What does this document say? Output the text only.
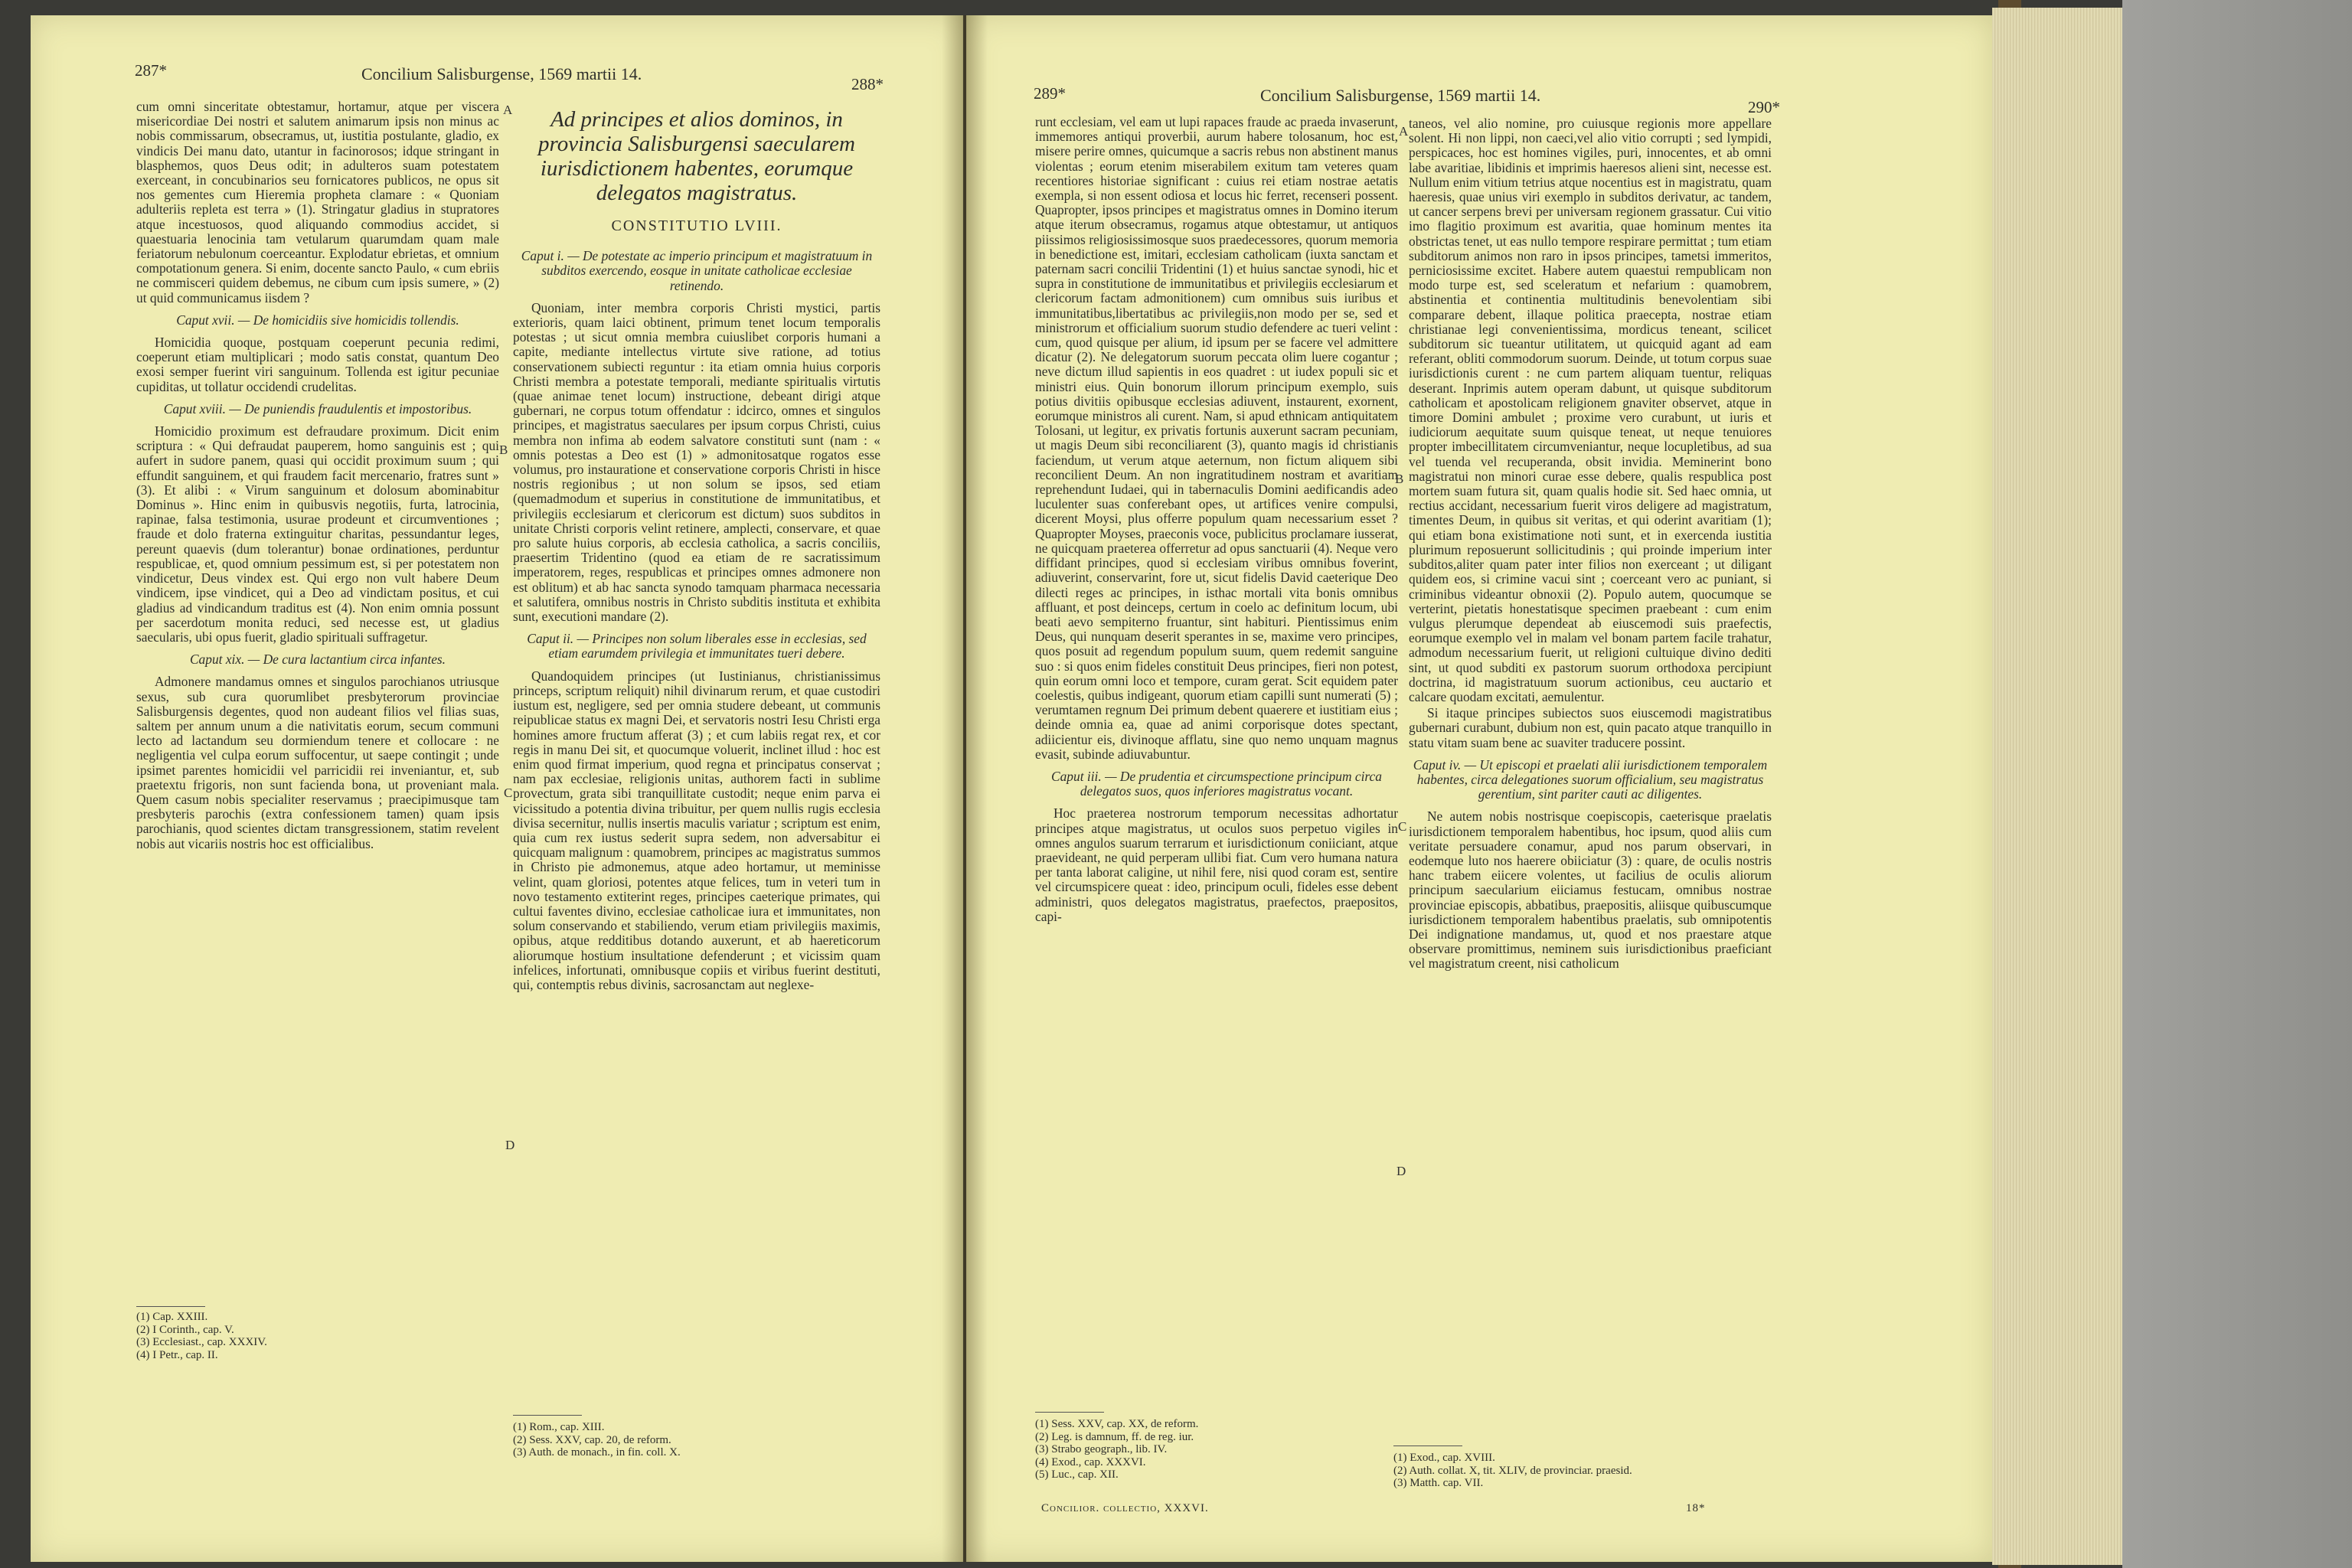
287*	Concilium Salisburgense, 1569 martii 14.
288*	289*	Concilium Salisburgense, 1569 martii 14.
290*

cum omni sinceritate obtestamur, hortamur, atque per viscera misericordiae Dei nostri et salutem animarum ipsis non minus ac nobis commissarum, obsecramus, ut, iustitia postulante, gladio, ex vindicis Dei manu dato, utantur in facinorosos; idque stringant in blasphemos, quos Deus odit; in adulteros suam potestatem exerceant, in concubinarios seu fornicatores publicos, ne opus sit nos gementes cum Hieremia propheta clamare : « Quoniam adulteriis repleta est terra » (1). Stringatur gladius in stupratores atque incestuosos, quod aliquando commodius accidet, si quaestuaria lenocinia tam vetularum quarumdam quam male feriatorum nebulonum coerceantur. Explodatur ebrietas, et omnium compotationum genera. Si enim, docente sancto Paulo, « cum ebriis ne commisceri quidem debemus, ne cibum cum ipsis sumere, » (2) ut quid communicamus iisdem ?

Caput xvii. — De homicidiis sive homicidis tollendis.

Homicidia quoque, postquam coeperunt pecunia redimi, coeperunt etiam multiplicari ; modo satis constat, quantum Deo exosi semper fuerint viri sanguinum. Tollenda est igitur pecuniae cupiditas, ut tollatur occidendi crudelitas.

Caput xviii. — De puniendis fraudulentis et impostoribus.

Homicidio proximum est defraudare proximum. Dicit enim scriptura : « Qui defraudat pauperem, homo sanguinis est ; qui aufert in sudore panem, quasi qui occidit proximum suum ; qui effundit sanguinem, et qui fraudem facit mercenario, fratres sunt » (3). Et alibi : « Virum sanguinum et dolosum abominabitur Dominus ». Hinc enim in quibusvis negotiis, furta, latrocinia, rapinae, falsa testimonia, usurae prodeunt et circumventiones ; fraude et dolo fraterna extinguitur charitas, pessundantur leges, pereunt quaevis (dum tolerantur) bonae ordinationes, perduntur respublicae, et, quod omnium pessimum est, si per potestatem non vindicetur, Deus vindex est. Qui ergo non vult habere Deum vindicem, ipse vindicet, qui a Deo ad vindictam positus, et cui gladius ad vindicandum traditus est (4). Non enim omnia possunt per sacerdotum monita reduci, sed necesse est, ut gladius saecularis, ubi opus fuerit, gladio spirituali suffragetur.

Caput xix. — De cura lactantium circa infantes.

Admonere mandamus omnes et singulos parochianos utriusque sexus, sub cura quorumlibet presbyterorum provinciae Salisburgensis degentes, quod non audeant filios vel filias suas, saltem per annum unum a die nativitatis eorum, secum communi lecto ad lactandum seu dormiendum tenere et collocare : ne negligentia vel culpa eorum suffocentur, ut saepe contingit ; unde ipsimet parentes homicidii vel parricidii rei inveniantur, et, sub praetextu frigoris, non sunt facienda bona, ut proveniant mala. Quem casum nobis specialiter reservamus ; praecipimusque tam presbyteris parochis (extra confessionem tamen) quam ipsis parochianis, quod scientes dictam transgressionem, statim revelent nobis aut vicariis nostris hoc est officialibus.

(1) Cap. XXIII.
(2) I Corinth., cap. V.
(3) Ecclesiast., cap. XXXIV.
(4) I Petr., cap. II.
Ad principes et alios dominos, in provincia Salisburgensi saecularem iurisdictionem habentes, eorumque delegatos magistratus.
CONSTITUTIO LVIII.
Caput i. — De potestate ac imperio principum et magistratuum in subditos exercendo, eosque in unitate catholicae ecclesiae retinendo.

Quoniam, inter membra corporis Christi mystici, partis exterioris, quam laici obtinent, primum tenet locum temporalis potestas ; ut sicut omnia membra cuiuslibet corporis humani a capite, mediante intellectus virtute sive ratione, ad totius conservationem subiecti reguntur : ita etiam omnia huius corporis Christi membra a potestate temporali, mediante spiritualis virtutis (quae animae tenet locum) instructione, debeant dirigi atque gubernari, ne corpus totum offendatur : idcirco, omnes et singulos principes, et magistratus saeculares per ipsum corpus Christi, cuius membra non infima ab eodem salvatore constituti sunt (nam : « omnis potestas a Deo est (1) » admonitosatque rogatos esse volumus, pro instauratione et conservatione corporis Christi in hisce nostris regionibus ; ut non solum se ipsos, sed etiam (quemadmodum et superius in constitutione de immunitatibus, et privilegiis ecclesiarum et clericorum est dictum) suos subditos in unitate Christi corporis velint retinere, amplecti, conservare, et quae pro salute huius corporis, ab ecclesia catholica, a sacris conciliis, praesertim Tridentino (quod ea etiam de re sacratissimum imperatorem, reges, respublicas et principes omnes admonere non est oblitum) et ab hac sancta synodo tamquam pharmaca necessaria et salutifera, omnibus nostris in Christo subditis instituta et exhibita sunt, executioni mandare (2).

Caput ii. — Principes non solum liberales esse in ecclesias, sed etiam earumdem privilegia et immunitates tueri debere.

Quandoquidem principes (ut Iustinianus, christianissimus princeps, scriptum reliquit) nihil divinarum rerum, et quae custodiri iustum est, negligere, sed per omnia studere debeant, ut communis reipublicae status ex magni Dei, et servatoris nostri Iesu Christi erga homines amore fructum afferat (3) ; et cum labiis regat rex, et cor regis in manu Dei sit, et quocumque voluerit, inclinet illud : hoc est enim quod firmat imperium, quod regna et principatus conservat ; nam pax ecclesiae, religionis unitas, authorem facti in sublime provectum, grata sibi tranquillitate custodit; neque enim parva ei vicissitudo a potentia divina tribuitur, per quem nullis rugis ecclesia divisa secernitur, nullis insertis maculis variatur ; scriptum est enim, quia cum rex iustus sederit supra sedem, non adversabitur ei quicquam malignum : quamobrem, principes ac magistratus summos in Christo pie admonemus, atque adeo hortamur, ut meminisse velint, quam gloriosi, potentes atque felices, tum in veteri tum in novo testamento extiterint reges, principes caeterique primates, qui cultui faventes divino, ecclesiae catholicae iura et immunitates, non solum conservando et stabiliendo, verum etiam privilegiis maximis, opibus, atque redditibus dotando auxerunt, et ab haereticorum aliorumque hostium insultatione defenderunt ; et vicissim quam infelices, infortunati, omnibusque copiis et viribus fuerint destituti, qui, contemptis rebus divinis, sacrosanctam aut neglexe-

(1) Rom., cap. XIII.
(2) Sess. XXV, cap. 20, de reform.
(3) Auth. de monach., in fin. coll. X.
A
B
C
D

runt ecclesiam, vel eam ut lupi rapaces fraude ac praeda invaserunt, immemores antiqui proverbii, aurum habere tolosanum, hoc est, misere perire omnes, quicumque a sacris rebus non abstinent manus violentas ; eorum etenim miserabilem exitum tam veteres quam recentiores historiae significant : cuius rei etiam nostrae aetatis exempla, si non essent odiosa et locus hic ferret, recenseri possent. Quapropter, ipsos principes et magistratus omnes in Domino iterum atque iterum obsecramus, rogamus atque obtestamur, ut antiquos piissimos religiosissimosque suos praedecessores, quorum memoria in benedictione est, imitari, ecclesiam catholicam (iuxta sanctam et paternam sacri concilii Tridentini (1) et huius sanctae synodi, hic et supra in constitutione de immunitatibus et privilegiis ecclesiarum et clericorum factam admonitionem) cum omnibus suis iuribus et immunitatibus,libertatibus ac privilegiis,non modo per se, sed et ministrorum et officialium suorum studio defendere ac tueri velint : cum, quod quisque per alium, id ipsum per se facere vel admittere dicatur (2). Ne delegatorum suorum peccata olim luere cogantur ; neve dictum illud sapientis in eos quadret : ut iudex populi sic et ministri eius. Quin bonorum illorum principum exemplo, suis potius divitiis opibusque ecclesias adiuvent, instaurent, exornent, eorumque ministros ali curent. Nam, si apud ethnicam antiquitatem Tolosani, ut legitur, ex privatis fortunis auxerunt sacram pecuniam, ut magis Deum sibi reconciliarent (3), quanto magis id christianis faciendum, ut verum atque aeternum, non fictum aliquem sibi reconcilient Deum. An non ingratitudinem nostram et avaritiam reprehendunt Iudaei, qui in tabernaculis Domini aedificandis adeo luculenter suas conferebant opes, ut artifices venire compulsi, dicerent Moysi, plus offerre populum quam necessarium esset ? Quapropter Moyses, praeconis voce, publicitus proclamare iusserat, ne quicquam praeterea offerretur ad opus sanctuarii (4). Neque vero diffidant principes, quod si ecclesiam viribus omnibus foverint, adiuverint, conservarint, fore ut, sicut fidelis David caeterique Deo dilecti reges ac principes, in isthac mortali vita bonis omnibus affluant, et post deinceps, certum in coelo ac definitum locum, ubi beati aevo sempiterno fruantur, sint habituri. Pientissimus enim Deus, qui nunquam deserit sperantes in se, maxime vero principes, quos posuit ad regendum populum suum, quem redemit sanguine suo : si quos enim fideles constituit Deus principes, fieri non potest, quin eorum omni loco et tempore, curam gerat. Scit equidem pater coelestis, quibus indigeant, quorum etiam capilli sunt numerati (5) ; verumtamen regnum Dei primum debent quaerere et iustitiam eius ; deinde omnia ea, quae ad animi corporisque dotes spectant, adiicientur eis, divinoque afflatu, sine quo nemo unquam magnus evasit, subinde adiuvabuntur.

Caput iii. — De prudentia et circumspectione principum circa delegatos suos, quos inferiores magistratus vocant.

Hoc praeterea nostrorum temporum necessitas adhortatur principes atque magistratus, ut oculos suos perpetuo vigiles in omnes angulos suarum terrarum et iurisdictionum coniiciant, atque praevideant, ne quid perperam ullibi fiat. Cum vero humana natura per tanta laborat caligine, ut nihil fere, nisi quod coram est, sentire vel circumspicere queat : ideo, principum oculi, fideles esse debent administri, quos delegatos magistratus, praefectos, praepositos, capi-

(1) Sess. XXV, cap. XX, de reform.
(2) Leg. is damnum, ff. de reg. iur.
(3) Strabo geograph., lib. IV.
(4) Exod., cap. XXXVI.
(5) Luc., cap. XII.
Concilior. collectio, XXXVI.

taneos, vel alio nomine, pro cuiusque regionis more appellare solent. Hi non lippi, non caeci,vel alio vitio corrupti ; sed lympidi, perspicaces, hoc est homines vigiles, puri, innocentes, et ab omni labe avaritiae, libidinis et imprimis haeresos alieni sint, necesse est. Nullum enim vitium tetrius atque nocentius est in magistratu, quam haeresis, quae unius viri exemplo in subditos derivatur, ac tandem, ut cancer serpens brevi per universam regionem grassatur. Cui vitio imo flagitio proximum est avaritia, quae hominum mentes ita obstrictas tenet, ut eas nullo tempore respirare permittat ; tum etiam subditorum animos non raro in ipsos principes, tametsi immeritos, perniciosissime excitet. Habere autem quaestui rempublicam non modo turpe est, sed sceleratum et nefarium : quamobrem, abstinentia et continentia multitudinis benevolentiam sibi comparare debent, illaque politica praecepta, nostrae etiam christianae legi convenientissima, mordicus teneant, scilicet subditorum sic tueantur utilitatem, ut quicquid agant ad eam referant, obliti commodorum suorum. Deinde, ut totum corpus suae iurisdictionis curent : ne cum partem aliquam tuentur, reliquas deserant. Inprimis autem operam dabunt, ut quisque subditorum catholicam et apostolicam religionem gnaviter observet, atque in timore Domini ambulet ; proxime vero curabunt, ut iuris et iudiciorum aequitate suum quisque teneat, ut neque tenuiores propter imbecillitatem circumveniantur, neque locupletibus, ad sua vel tuenda vel recuperanda, obsit invidia. Meminerint bono magistratui non minori curae esse debere, qualis respublica post mortem suam futura sit, quam qualis hodie sit. Sed haec omnia, ut rectius accidant, necessarium fuerit viros deligere ad magistratum, timentes Deum, in quibus sit veritas, et qui oderint avaritiam (1); qui etiam bona existimatione noti sunt, et in exercenda iustitia plurimum reposuerunt sollicitudinis ; qui proinde imperium inter subditos,aliter quam pater inter filios non exerceant ; ut diligant quidem eos, si crimine vacui sint ; coerceant vero ac puniant, si criminibus videantur obnoxii (2). Populo autem, quocumque se verterint, pietatis honestatisque specimen praebeant : cum enim vulgus plerumque dependeat ab eiuscemodi suis praefectis, eorumque exemplo vel in malam vel bonam partem facile trahatur, admodum necessarium fuerit, ut religioni cultuique divino dediti sint, ut quod subditi ex pastorum suorum orthodoxa percipiunt doctrina, id magistratuum suorum actionibus, ceu auctario et calcare quodam excitati, aemulentur.

Si itaque principes subiectos suos eiuscemodi magistratibus gubernari curabunt, dubium non est, quin pacato atque tranquillo in statu vitam suam bene ac suaviter traducere possint.

Caput iv. — Ut episcopi et praelati alii iurisdictionem temporalem habentes, circa delegationes suorum officialium, seu magistratus gerentium, sint pariter cauti ac diligentes.

Ne autem nobis nostrisque coepiscopis, caeterisque praelatis iurisdictionem temporalem habentibus, hoc ipsum, quod aliis cum veritate persuadere conamur, apud nos parum observari, in eodemque luto nos haerere obiiciatur (3) : quare, de oculis nostris hanc trabem eiicere volentes, ut facilius de oculis aliorum principum saecularium eiiciamus festucam, omnibus nostrae provinciae episcopis, abbatibus, praepositis, aliisque quibuscumque iurisdictionem temporalem habentibus praelatis, sub omnipotentis Dei indignatione mandamus, ut, quod et nos praestare atque observare promittimus, neminem suis iurisdictionibus praeficiant vel magistratum creent, nisi catholicum

(1) Exod., cap. XVIII.
(2) Auth. collat. X, tit. XLIV, de provinciar. praesid.
(3) Matth. cap. VII.
18*
A
B
C
D
